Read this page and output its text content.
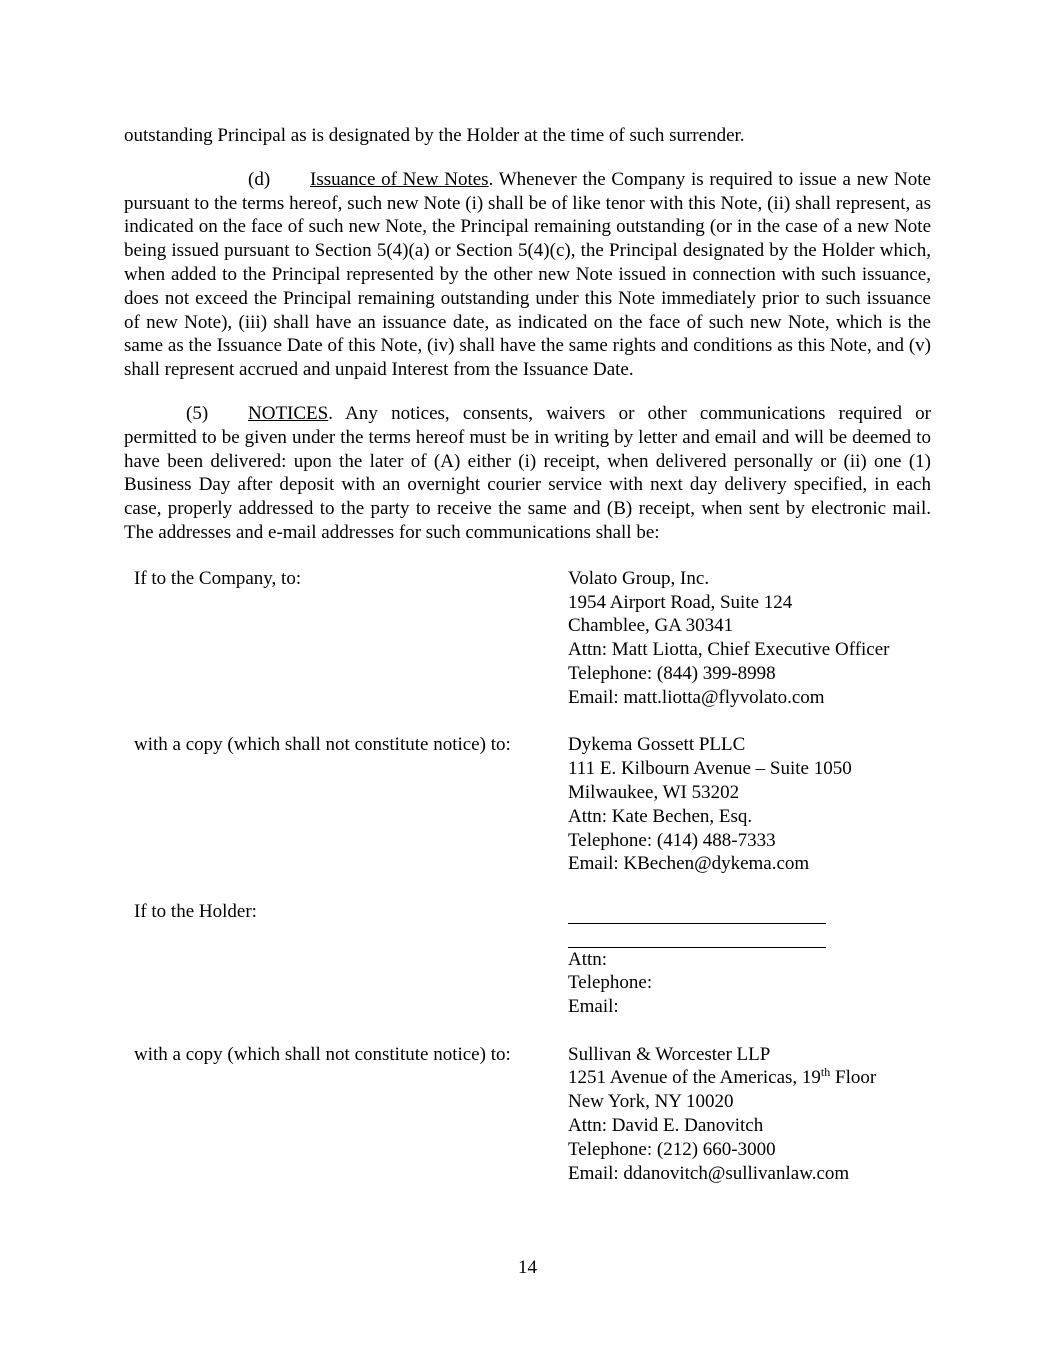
outstanding Principal as is designated by the Holder at the time of such surrender.

(d) Issuance of New Notes. Whenever the Company is required to issue a new Note pursuant to the terms hereof, such new Note (i) shall be of like tenor with this Note, (ii) shall represent, as indicated on the face of such new Note, the Principal remaining outstanding (or in the case of a new Note being issued pursuant to Section 5(4)(a) or Section 5(4)(c), the Principal designated by the Holder which, when added to the Principal represented by the other new Note issued in connection with such issuance, does not exceed the Principal remaining outstanding under this Note immediately prior to such issuance of new Note), (iii) shall have an issuance date, as indicated on the face of such new Note, which is the same as the Issuance Date of this Note, (iv) shall have the same rights and conditions as this Note, and (v) shall represent accrued and unpaid Interest from the Issuance Date.

(5) NOTICES. Any notices, consents, waivers or other communications required or permitted to be given under the terms hereof must be in writing by letter and email and will be deemed to have been delivered: upon the later of (A) either (i) receipt, when delivered personally or (ii) one (1) Business Day after deposit with an overnight courier service with next day delivery specified, in each case, properly addressed to the party to receive the same and (B) receipt, when sent by electronic mail. The addresses and e-mail addresses for such communications shall be:

If to the Company, to:	Volato Group, Inc.
1954 Airport Road, Suite 124
Chamblee, GA 30341
Attn: Matt Liotta, Chief Executive Officer
Telephone: (844) 399-8998
Email: matt.liotta@flyvolato.com
with a copy (which shall not constitute notice) to:	Dykema Gossett PLLC
111 E. Kilbourn Avenue – Suite 1050
Milwaukee, WI 53202
Attn: Kate Bechen, Esq.
Telephone: (414) 488-7333
Email: KBechen@dykema.com
If to the Holder:
Attn:
Telephone:
Email:
with a copy (which shall not constitute notice) to:	Sullivan & Worcester LLP
1251 Avenue of the Americas, 19th Floor
New York, NY 10020
Attn: David E. Danovitch
Telephone: (212) 660-3000
Email: ddanovitch@sullivanlaw.com
14
